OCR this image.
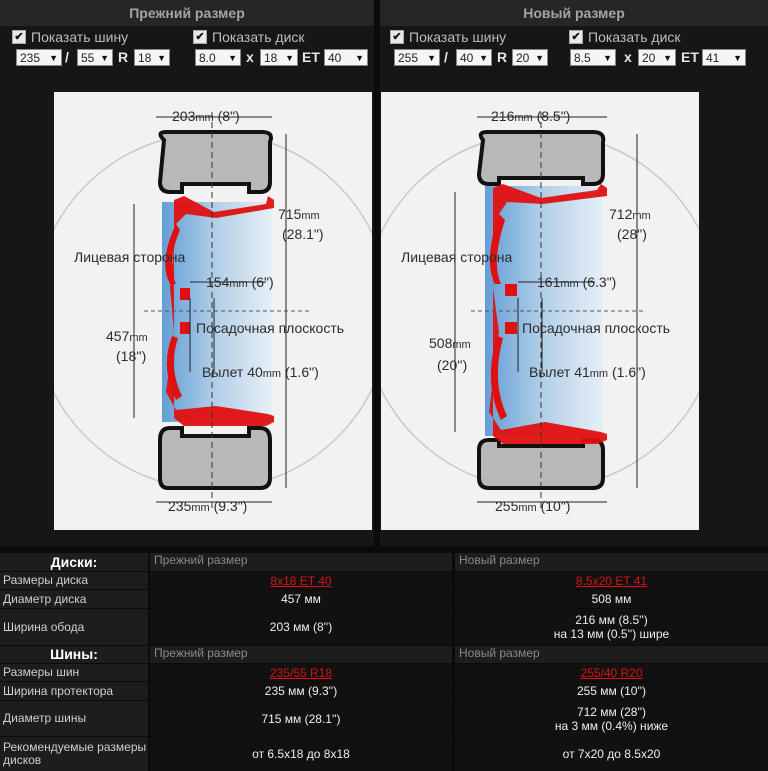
Прежний размер
✔ Показать шину	✔ Показать диск
235 ▼ /	55 ▼ R 18 ▼	8.0 ▼ x 18 ▼ ET 40 ▼
Новый размер
✔ Показать шину	✔ Показать диск
255 ▼ /	40 ▼ R 20 ▼	8.5 ▼ x 20 ▼ ET 41 ▼
203mm (8")
715mm
(28.1")
Лицевая сторона
154mm (6")
457mm
(18'')
Посадочная плоскость
Вылет 40mm (1.6")
235mm (9.3")
216mm (8.5")
712mm
(28")
Лицевая сторона
161mm (6.3")
508mm
(20'')
Посадочная плоскость
Вылет 41mm (1.6")
255mm (10")
Диски:	Прежний размер	Новый размер
Размеры диска	8x18 ET 40	8.5x20 ET 41
Диаметр диска	457 мм	508 мм
Ширина обода	203 мм (8'')	216 мм (8.5'')
на 13 мм (0.5'') шире
Шины:	Прежний размер	Новый размер
Размеры шин	235/55 R18	255/40 R20
Ширина протектора	235 мм (9.3'')	255 мм (10'')
Диаметр шины	715 мм (28.1'')	712 мм (28'')
на 3 мм (0.4%) ниже
Рекомендуемые размеры дисков	от 6.5x18 до 8x18	от 7x20 до 8.5x20
